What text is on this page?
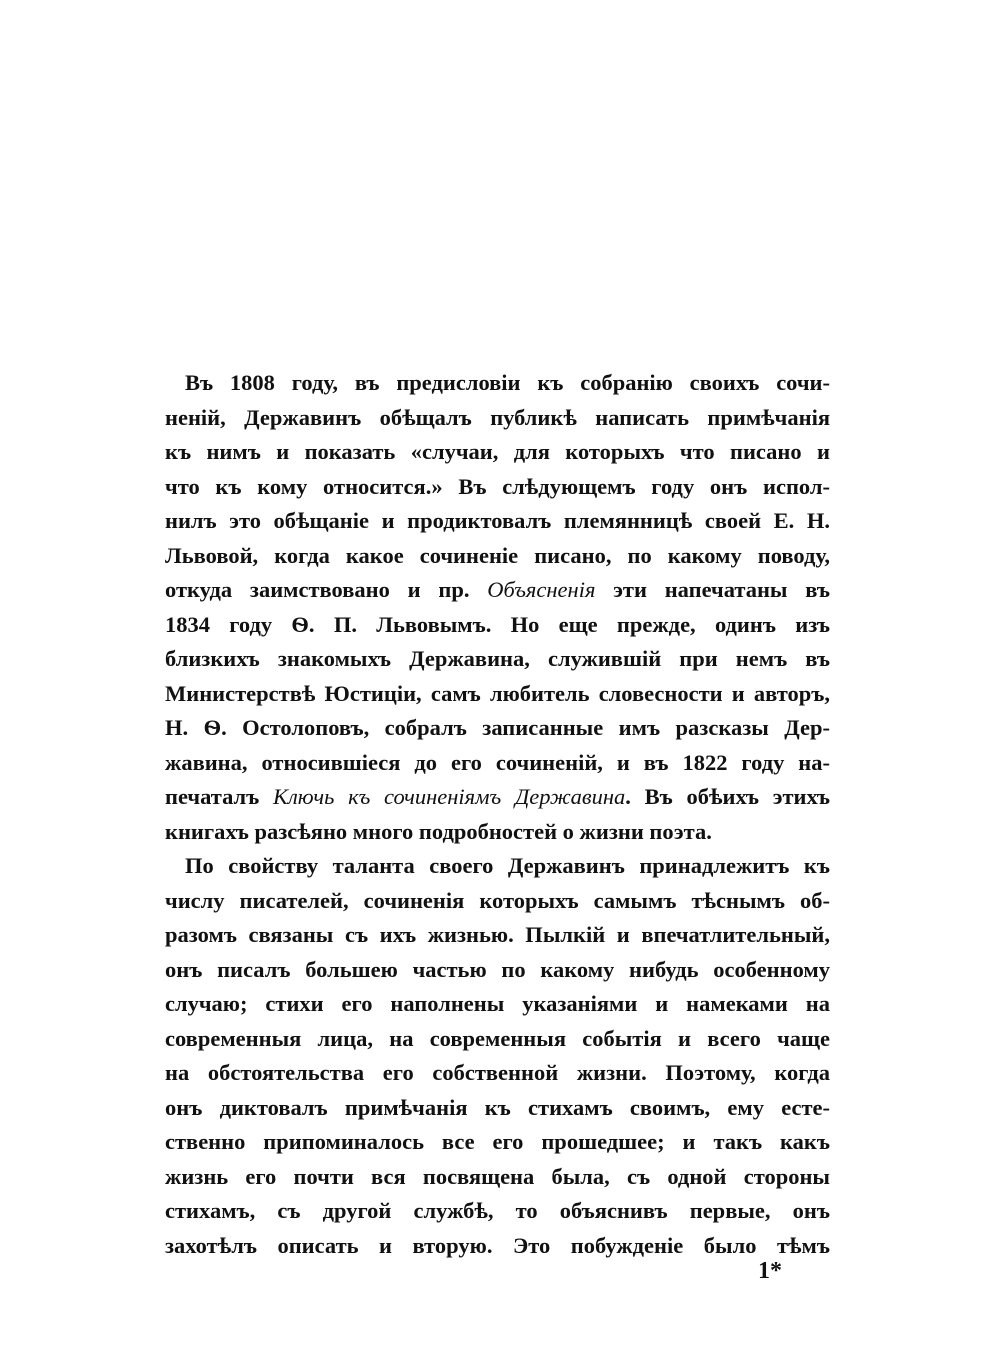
Въ 1808 году, въ предисловіи къ собранію своихъ сочи-
неній, Державинъ обѣщалъ публикѣ написать примѣчанія
къ нимъ и показать «случаи, для которыхъ что писано и
что къ кому относится.» Въ слѣдующемъ году онъ испол-
нилъ это обѣщаніе и продиктовалъ племянницѣ своей Е. Н.
Львовой, когда какое сочиненіе писано, по какому поводу,
откуда заимствовано и пр. Объясненія эти напечатаны въ
1834 году Ѳ. П. Львовымъ. Но еще прежде, одинъ изъ
близкихъ знакомыхъ Державина, служившій при немъ въ
Министерствѣ Юстиціи, самъ любитель словесности и авторъ,
Н. Ѳ. Остолоповъ, собралъ записанные имъ разсказы Дер-
жавина, относившіеся до его сочиненій, и въ 1822 году на-
печаталъ Ключь къ сочиненіямъ Державина. Въ обѣихъ этихъ
книгахъ разсѣяно много подробностей о жизни поэта.
По свойству таланта своего Державинъ принадлежитъ къ
числу писателей, сочиненія которыхъ самымъ тѣснымъ об-
разомъ связаны съ ихъ жизнью. Пылкій и впечатлительный,
онъ писалъ большею частью по какому нибудь особенному
случаю; стихи его наполнены указаніями и намеками на
современныя лица, на современныя событія и всего чаще
на обстоятельства его собственной жизни. Поэтому, когда
онъ диктовалъ примѣчанія къ стихамъ своимъ, ему есте-
ственно припоминалось все его прошедшее; и такъ какъ
жизнь его почти вся посвящена была, съ одной стороны
стихамъ, съ другой службѣ, то объяснивъ первые, онъ
захотѣлъ описать и вторую. Это побужденіе было тѣмъ
1*
